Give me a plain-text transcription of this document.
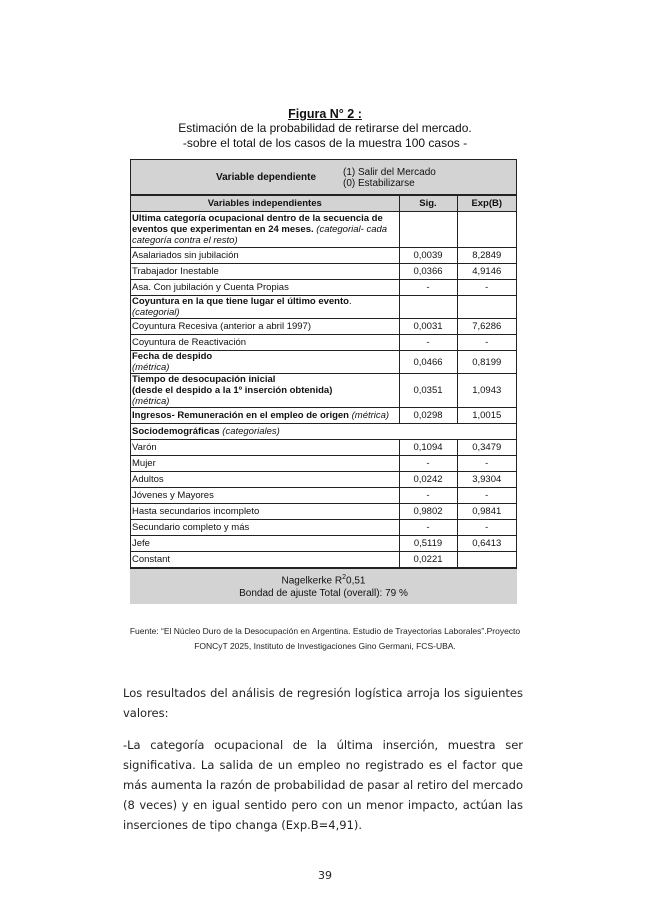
Figura N° 2 :
Estimación de la probabilidad de retirarse del mercado.
-sobre el total de los casos de la muestra 100 casos -
Variable dependiente	(1) Salir del Mercado
(0) Estabilizarse
Variables independientes	Sig.	Exp(B)
Ultima categoría ocupacional dentro de la secuencia de eventos que experimentan en 24 meses. (categorial- cada categoría contra el resto)		
Asalariados sin jubilación	0,0039	8,2849
Trabajador Inestable	0,0366	4,9146
Asa. Con jubilación y Cuenta Propias	-	-
Coyuntura en la que tiene lugar el último evento.
(categorial)		
Coyuntura Recesiva (anterior a abril 1997)	0,0031	7,6286
Coyuntura de Reactivación	-	-
Fecha de despido
(métrica)	0,0466	0,8199
Tiempo de desocupación inicial
(desde el despido a la 1º inserción obtenida)
(métrica)	0,0351	1,0943
Ingresos- Remuneración en el empleo de origen (métrica)	0,0298	1,0015
Sociodemográficas (categoriales)		
Varón	0,1094	0,3479
Mujer	-	-
Adultos	0,0242	3,9304
Jóvenes y Mayores	-	-
Hasta secundarios incompleto	0,9802	0,9841
Secundario completo y más	-	-
Jefe	0,5119	0,6413
Constant	0,0221	
Nagelkerke $R^20,51$
Bondad de ajuste Total (overall): 79 %
Fuente: “El Núcleo Duro de la Desocupación en Argentina. Estudio de Trayectorias Laborales”.Proyecto
FONCyT 2025, Instituto de Investigaciones Gino Germani, FCS-UBA.
Los resultados del análisis de regresión logística arroja los siguientes valores:
-La categoría ocupacional de la última inserción, muestra ser significativa. La salida de un empleo no registrado es el factor que más aumenta la razón de probabilidad de pasar al retiro del mercado (8 veces) y en igual sentido pero con un menor impacto, actúan las inserciones de tipo changa (Exp.B=4,91).
39
